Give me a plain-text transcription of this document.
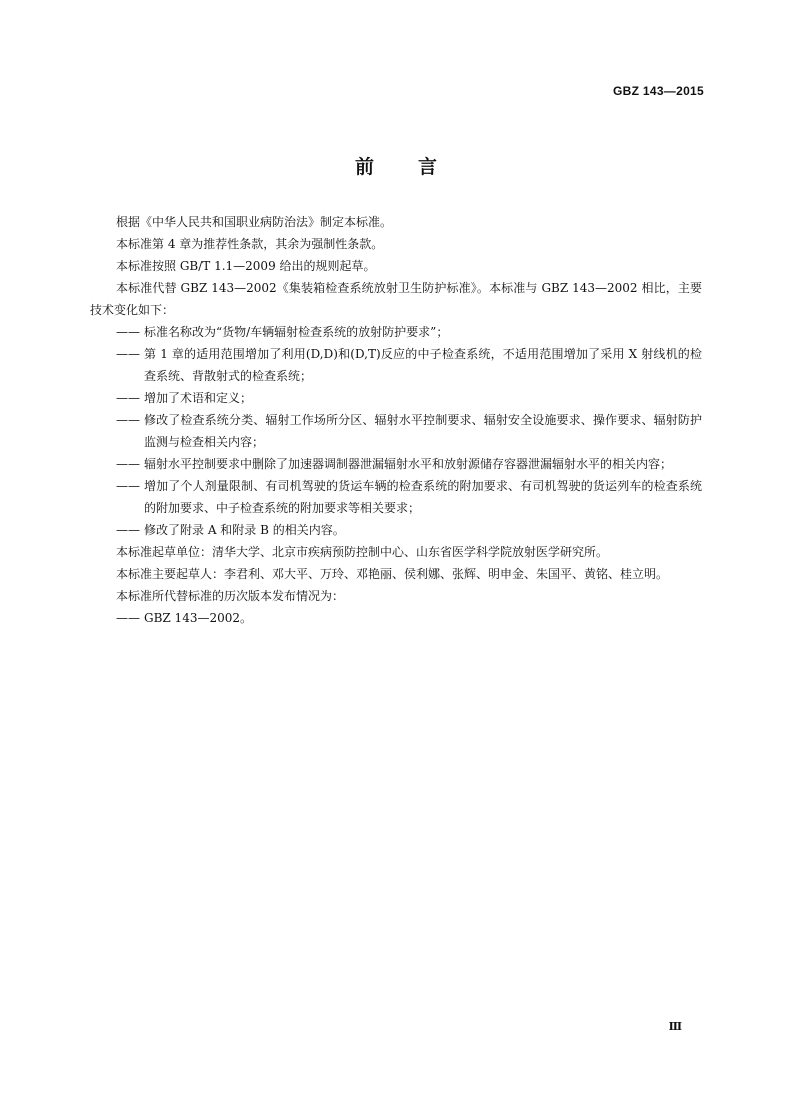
GBZ 143—2015
前 言

根据《中华人民共和国职业病防治法》制定本标准。

本标准第 4 章为推荐性条款，其余为强制性条款。

本标准按照 GB/T 1.1—2009 给出的规则起草。

本标准代替 GBZ 143—2002《集装箱检查系统放射卫生防护标准》。本标准与 GBZ 143—2002 相比，主要技术变化如下：

—— 标准名称改为“货物/车辆辐射检查系统的放射防护要求”；
—— 第 1 章的适用范围增加了利用(D,D)和(D,T)反应的中子检查系统，不适用范围增加了采用 X 射线机的检查系统、背散射式的检查系统；
—— 增加了术语和定义；
—— 修改了检查系统分类、辐射工作场所分区、辐射水平控制要求、辐射安全设施要求、操作要求、辐射防护监测与检查相关内容；
—— 辐射水平控制要求中删除了加速器调制器泄漏辐射水平和放射源储存容器泄漏辐射水平的相关内容；
—— 增加了个人剂量限制、有司机驾驶的货运车辆的检查系统的附加要求、有司机驾驶的货运列车的检查系统的附加要求、中子检查系统的附加要求等相关要求；
—— 修改了附录 A 和附录 B 的相关内容。

本标准起草单位：清华大学、北京市疾病预防控制中心、山东省医学科学院放射医学研究所。

本标准主要起草人：李君利、邓大平、万玲、邓艳丽、侯利娜、张辉、明申金、朱国平、黄铭、桂立明。

本标准所代替标准的历次版本发布情况为：

—— GBZ 143—2002。
Ⅲ
